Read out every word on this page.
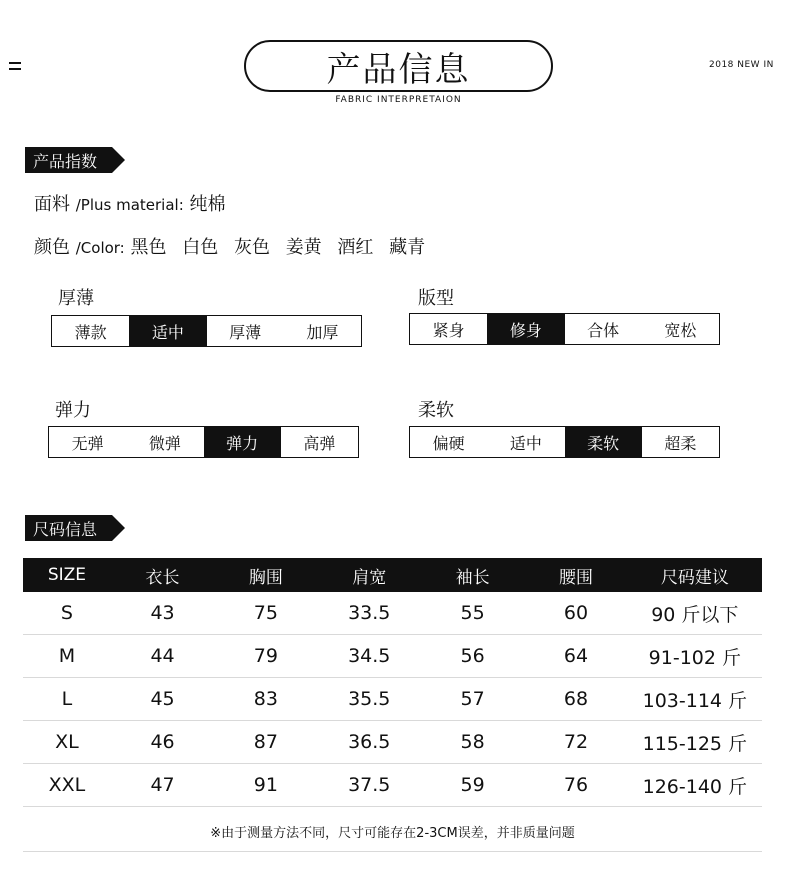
产品信息
FABRIC INTERPRETAION
2018 NEW IN
产品指数
面料 /Plus material: 纯棉
颜色 /Color: 黑色 白色 灰色 姜黄 酒红 藏青
厚薄
薄款	适中	厚薄	加厚
版型
紧身	修身	合体	宽松
弹力
无弹	微弹	弹力	高弹
柔软
偏硬	适中	柔软	超柔
尺码信息
SIZE	衣长	胸围	肩宽	袖长	腰围	尺码建议
S	43	75	33.5	55	60	90 斤以下
M	44	79	34.5	56	64	91-102 斤
L	45	83	35.5	57	68	103-114 斤
XL	46	87	36.5	58	72	115-125 斤
XXL	47	91	37.5	59	76	126-140 斤
※由于测量方法不同，尺寸可能存在2-3CM误差，并非质量问题
